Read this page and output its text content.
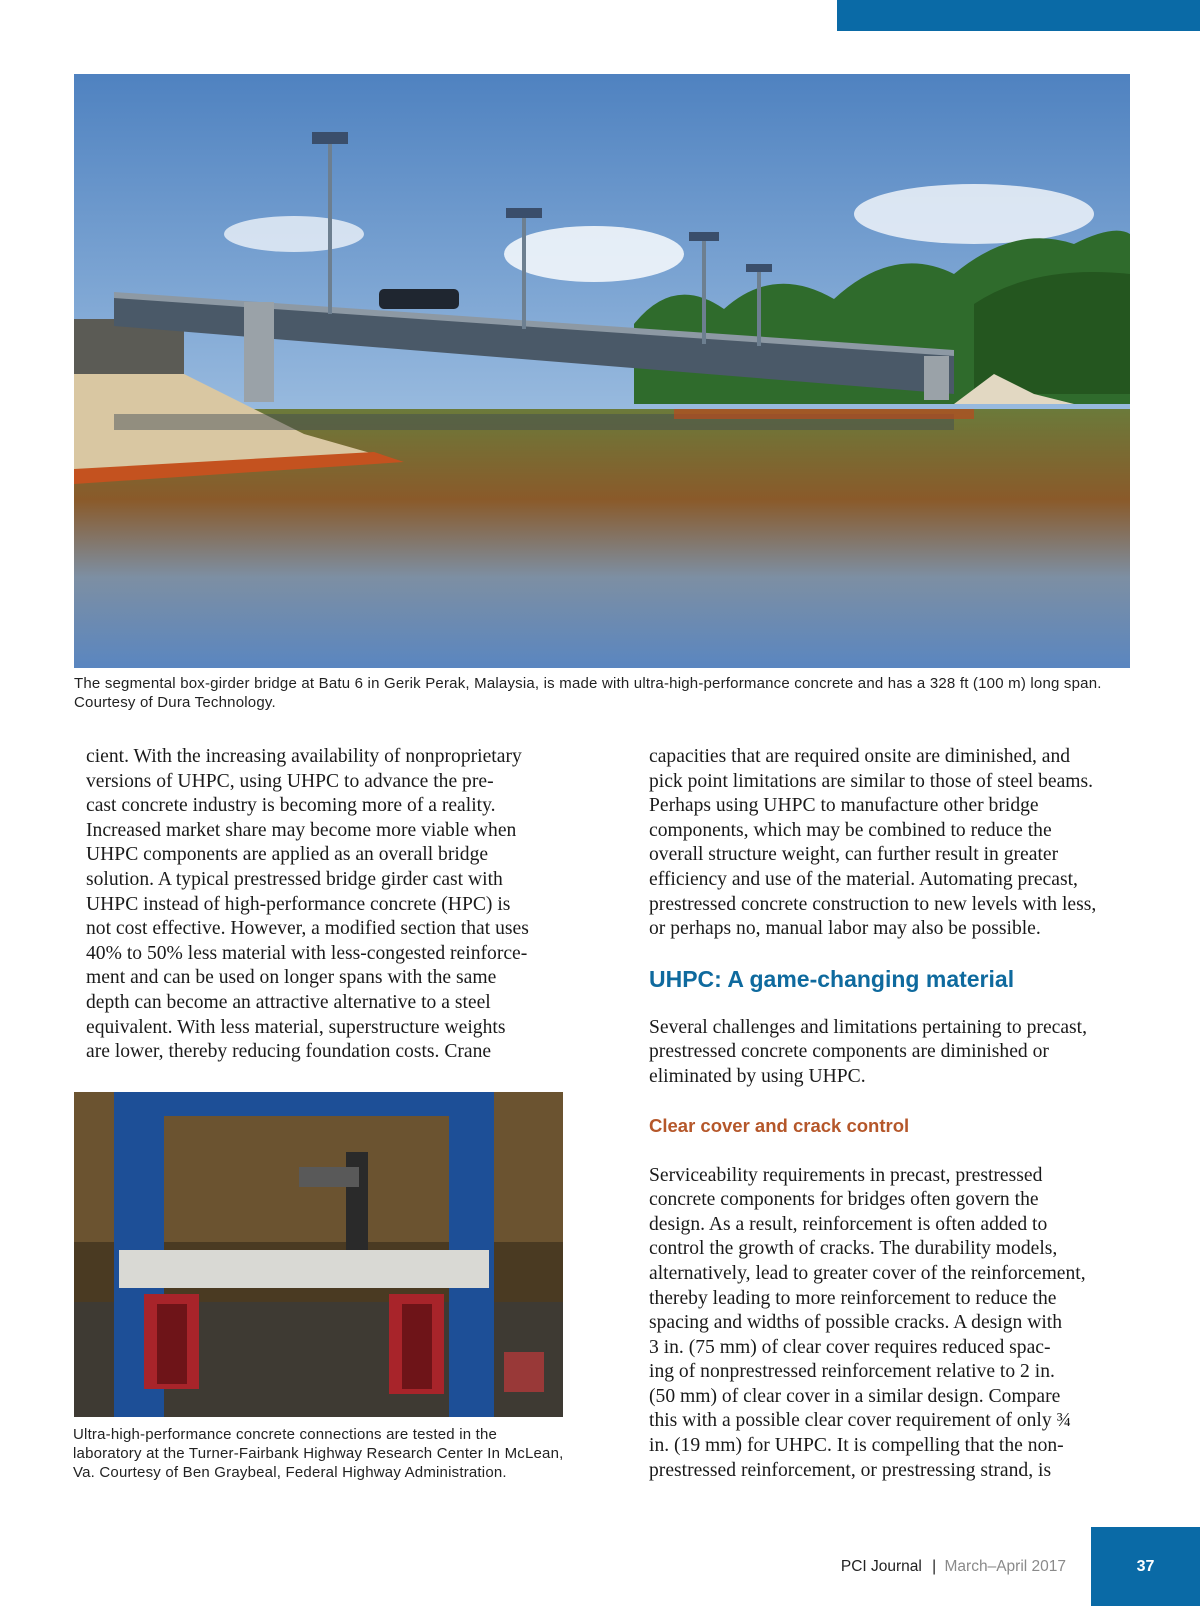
The segmental box-girder bridge at Batu 6 in Gerik Perak, Malaysia, is made with ultra-high-performance concrete and has a 328 ft (100 m) long span. Courtesy of Dura Technology.

cient. With the increasing availability of nonproprietary
versions of UHPC, using UHPC to advance the pre-
cast concrete industry is becoming more of a reality.
Increased market share may become more viable when
UHPC components are applied as an overall bridge
solution. A typical prestressed bridge girder cast with
UHPC instead of high-performance concrete (HPC) is
not cost effective. However, a modified section that uses
40% to 50% less material with less-congested reinforce-
ment and can be used on longer spans with the same
depth can become an attractive alternative to a steel
equivalent. With less material, superstructure weights
are lower, thereby reducing foundation costs. Crane

Ultra-high-performance concrete connections are tested in the laboratory at the Turner-Fairbank Highway Research Center In McLean, Va. Courtesy of Ben Graybeal, Federal Highway Administration.

capacities that are required onsite are diminished, and
pick point limitations are similar to those of steel beams.
Perhaps using UHPC to manufacture other bridge
components, which may be combined to reduce the
overall structure weight, can further result in greater
efficiency and use of the material. Automating precast,
prestressed concrete construction to new levels with less,
or perhaps no, manual labor may also be possible.

UHPC: A game-changing material

Several challenges and limitations pertaining to precast,
prestressed concrete components are diminished or
eliminated by using UHPC.

Clear cover and crack control

Serviceability requirements in precast, prestressed
concrete components for bridges often govern the
design. As a result, reinforcement is often added to
control the growth of cracks. The durability models,
alternatively, lead to greater cover of the reinforcement,
thereby leading to more reinforcement to reduce the
spacing and widths of possible cracks. A design with
3 in. (75 mm) of clear cover requires reduced spac-
ing of nonprestressed reinforcement relative to 2 in.
(50 mm) of clear cover in a similar design. Compare
this with a possible clear cover requirement of only ¾
in. (19 mm) for UHPC. It is compelling that the non-
prestressed reinforcement, or prestressing strand, is

PCI Journal | March–April 2017	37
